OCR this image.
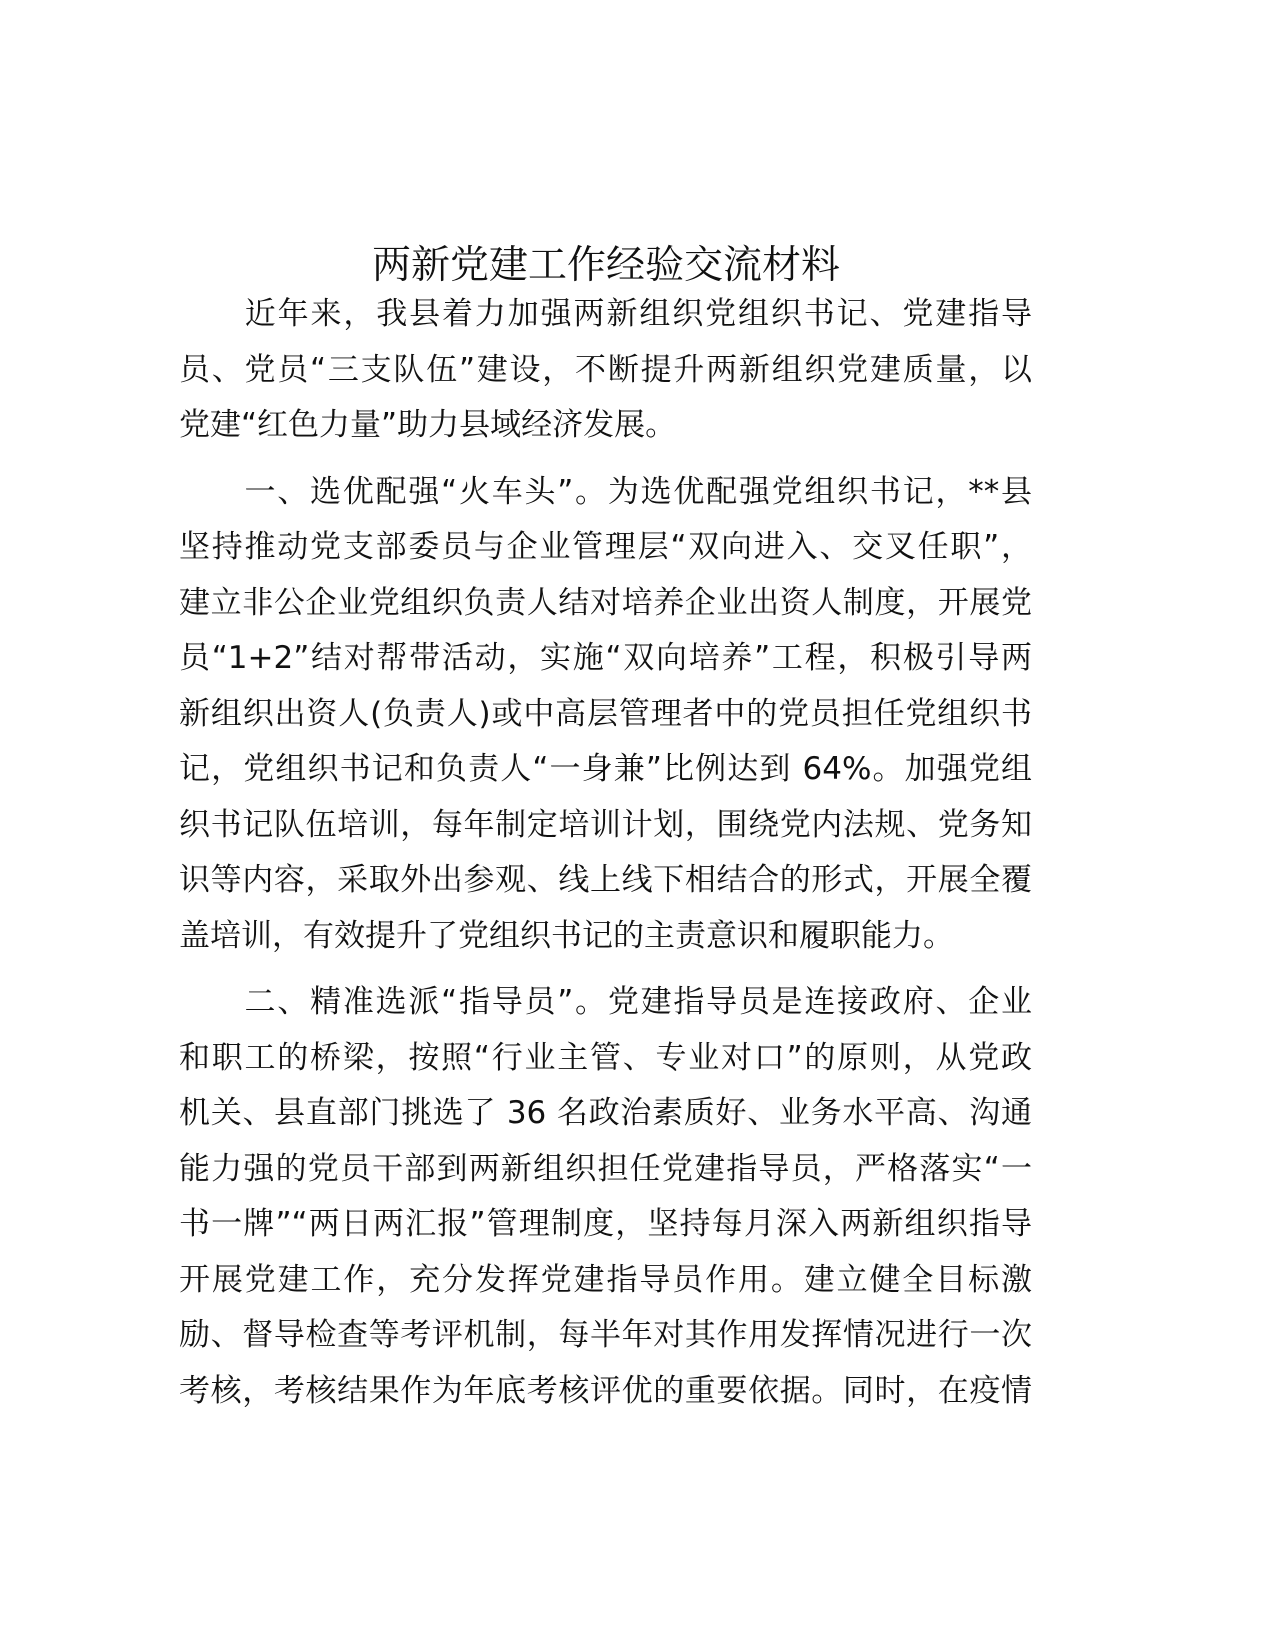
两新党建工作经验交流材料

　　近年来，我县着力加强两新组织党组织书记、党建指导
员、党员“三支队伍”建设，不断提升两新组织党建质量，以
党建“红色力量”助力县域经济发展。

　　一、选优配强“火车头”。为选优配强党组织书记，**县
坚持推动党支部委员与企业管理层“双向进入、交叉任职”，
建立非公企业党组织负责人结对培养企业出资人制度，开展党
员“1+2”结对帮带活动，实施“双向培养”工程，积极引导两
新组织出资人(负责人)或中高层管理者中的党员担任党组织书
记，党组织书记和负责人“一身兼”比例达到 64%。加强党组
织书记队伍培训，每年制定培训计划，围绕党内法规、党务知
识等内容，采取外出参观、线上线下相结合的形式，开展全覆
盖培训，有效提升了党组织书记的主责意识和履职能力。

　　二、精准选派“指导员”。党建指导员是连接政府、企业
和职工的桥梁，按照“行业主管、专业对口”的原则，从党政
机关、县直部门挑选了 36 名政治素质好、业务水平高、沟通
能力强的党员干部到两新组织担任党建指导员，严格落实“一
书一牌”“两日两汇报”管理制度，坚持每月深入两新组织指导
开展党建工作，充分发挥党建指导员作用。建立健全目标激
励、督导检查等考评机制，每半年对其作用发挥情况进行一次
考核，考核结果作为年底考核评优的重要依据。同时，在疫情
